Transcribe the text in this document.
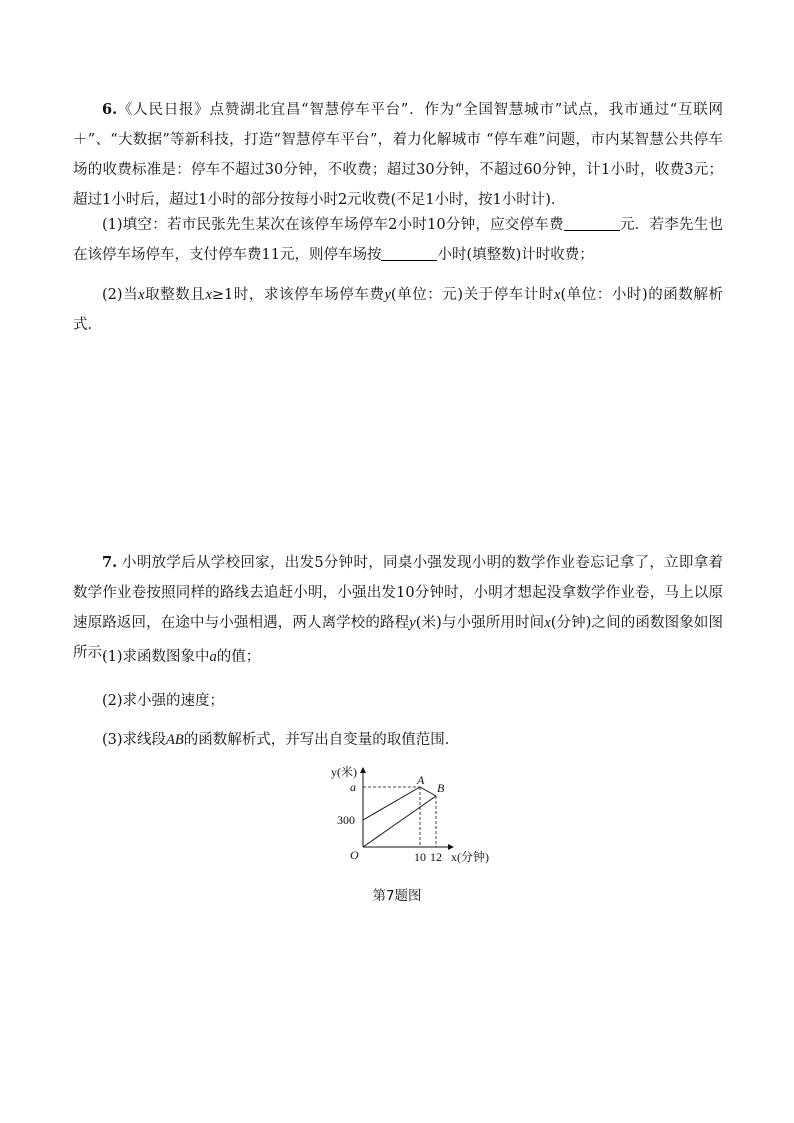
6.《人民日报》点赞湖北宜昌“智慧停车平台”．作为“全国智慧城市”试点，我市通过“互联网＋”、“大数据”等新科技，打造“智慧停车平台”，着力化解城市 “停车难”问题，市内某智慧公共停车场的收费标准是：停车不超过30分钟，不收费；超过30分钟，不超过60分钟，计1小时，收费3元；超过1小时后，超过1小时的部分按每小时2元收费(不足1小时，按1小时计)．

(1)填空：若市民张先生某次在该停车场停车2小时10分钟，应交停车费	元．若李先生也在该停车场停车，支付停车费11元，则停车场按	小时(填整数)计时收费；

(2)当x取整数且x≥1时，求该停车场停车费y(单位：元)关于停车计时x(单位：小时)的函数解析式．

7. 小明放学后从学校回家，出发5分钟时，同桌小强发现小明的数学作业卷忘记拿了，立即拿着数学作业卷按照同样的路线去追赶小明，小强出发10分钟时，小明才想起没拿数学作业卷，马上以原速原路返回，在途中与小强相遇，两人离学校的路程y(米)与小强所用时间x(分钟)之间的函数图象如图所示．

(1)求函数图象中a的值；

(2)求小强的速度；

(3)求线段AB的函数解析式，并写出自变量的取值范围．

y(米)
x(分钟)
a
300
O	10 12
A
B
第7题图
